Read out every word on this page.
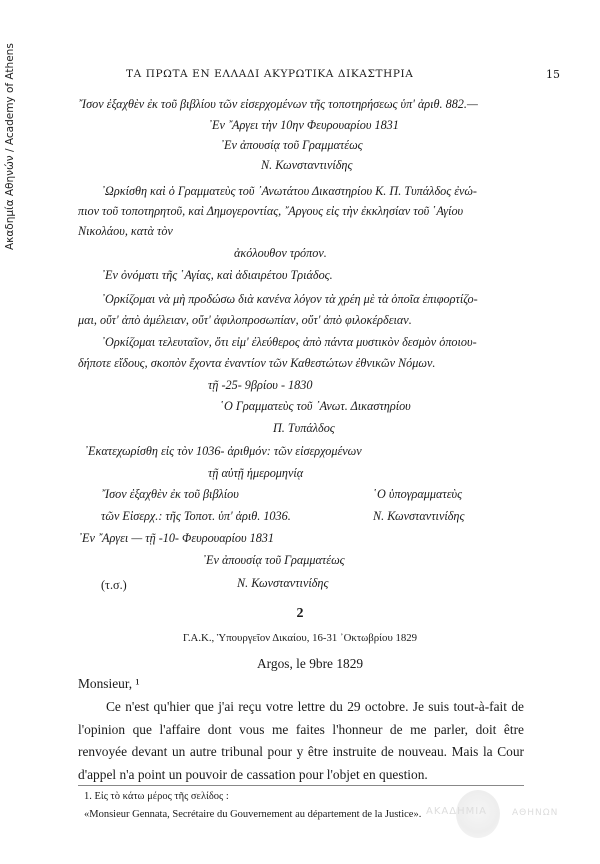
Ακαδημία Αθηνών / Academy of Athens	ΤΑ ΠΡΩΤΑ ΕΝ ΕΛΛΑΔΙ ΑΚΥΡΩΤΙΚΑ ΔΙΚΑΣΤΗΡΙΑ	15
῎Ισον ἐξαχθὲν ἐκ τοῦ βιβλίου τῶν εἰσερχομένων τῆς τοποτηρήσεως ὑπ' ἀριθ. 882.—
᾽Εν ῎Αργει τὴν 10ην Φευρουαρίου 1831
᾽Εν ἀπουσίᾳ τοῦ Γραμματέως
Ν. Κωνσταντινίδης
᾽Ωρκίσθη καὶ ὁ Γραμματεὺς τοῦ ᾽Ανωτάτου Δικαστηρίου Κ. Π. Τυπάλδος ἐνώ-
πιον τοῦ τοποτηρητοῦ, καὶ Δημογεροντίας, ῎Αργους εἰς τὴν ἐκκλησίαν τοῦ ῾Αγίου
Νικολάου, κατὰ τὸν
ἀκόλουθον τρόπον.
᾽Εν ὀνόματι τῆς ῾Αγίας, καὶ ἀδιαιρέτου Τριάδος.
᾽Ορκίζομαι νὰ μὴ προδώσω διὰ κανένα λόγον τὰ χρέη μὲ τὰ ὁποῖα ἐπιφορτίζο-
μαι, οὔτ' ἀπὸ ἀμέλειαν, οὔτ' ἀφιλοπροσωπίαν, οὔτ' ἀπὸ φιλοκέρδειαν.
᾽Ορκίζομαι τελευταῖον, ὅτι εἰμ' ἐλεύθερος ἀπὸ πάντα μυστικὸν δεσμὸν ὁποιου-
δήποτε εἴδους, σκοπὸν ἔχοντα ἐναντίον τῶν Καθεστώτων ἐθνικῶν Νόμων.
τῇ -25- 9βρίου - 1830
῾Ο Γραμματεὺς τοῦ ᾽Ανωτ. Δικαστηρίου
Π. Τυπάλδος
᾽Εκατεχωρίσθη εἰς τὸν 1036- ἀριθμόν: τῶν εἰσερχομένων
τῇ αὐτῇ ἡμερομηνίᾳ
῎Ισον ἐξαχθὲν ἐκ τοῦ βιβλίου	῾Ο ὑπογραμματεὺς
τῶν Εἰσερχ.: τῆς Τοποτ. ὑπ' ἀριθ. 1036.	Ν. Κωνσταντινίδης
᾽Εν ῎Αργει — τῇ -10- Φευρουαρίου 1831
᾽Εν ἀπουσίᾳ τοῦ Γραμματέως
(τ.σ.)	Ν. Κωνσταντινίδης
2
Γ.Α.Κ., Ὑπουργεῖον Δικαίου, 16-31 ᾽Οκτωβρίου 1829
Argos, le 9bre 1829
Monsieur, ¹
Ce n'est qu'hier que j'ai reçu votre lettre du 29 octobre. Je suis tout-à-fait de l'opinion que l'affaire dont vous me faites l'honneur de me parler, doit être renvoyée devant un autre tribunal pour y être instruite de nouveau. Mais la Cour d'appel n'a point un pouvoir de cassation pour l'objet en question.
1. Εἰς τὸ κάτω μέρος τῆς σελίδος :
«Monsieur Gennata, Secrétaire du Gouvernement au département de la Justice». ΑΚΑΔΗΜΙΑ	ΑΘΗΝΩΝ
